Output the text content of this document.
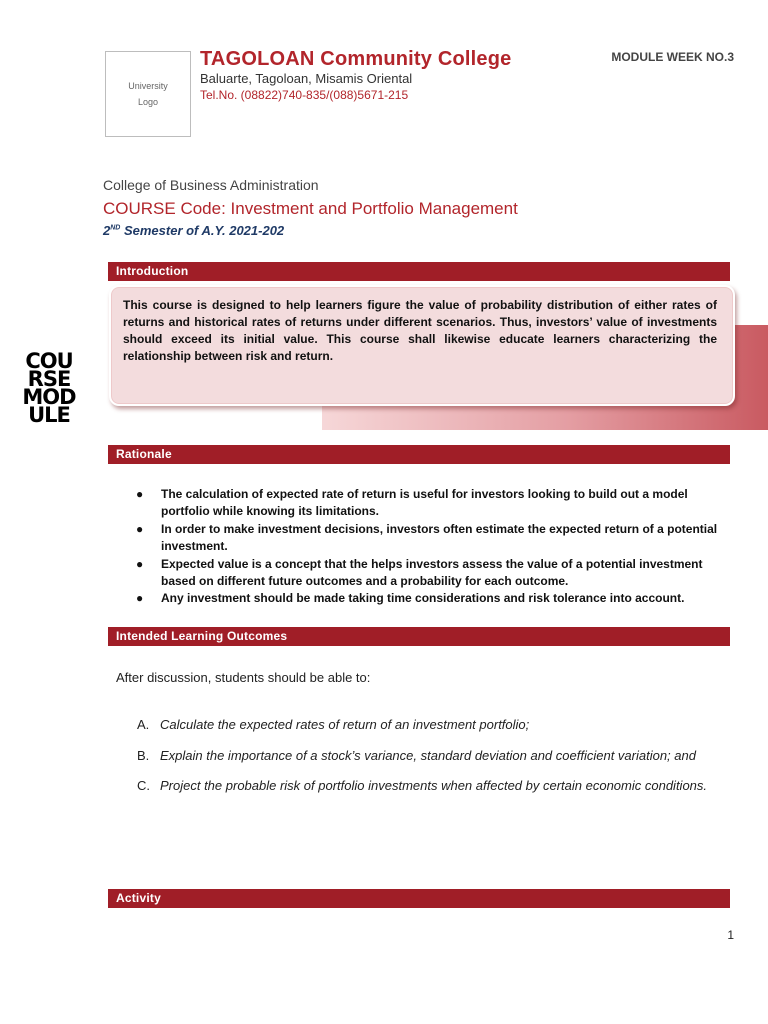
University
Logo
TAGOLOAN Community College
Baluarte, Tagoloan, Misamis Oriental
Tel.No. (08822)740-835/(088)5671-215
MODULE WEEK NO.3
College of Business Administration
COURSE Code: Investment and Portfolio Management
2ND Semester of A.Y. 2021-202
Introduction
This course is designed to help learners figure the value of probability distribution of either rates of returns and historical rates of returns under different scenarios. Thus, investors’ value of investments should exceed its initial value. This course shall likewise educate learners characterizing the relationship between risk and return.
COU
RSE
MOD
ULE
Rationale
● The calculation of expected rate of return is useful for investors looking to build out a model portfolio while knowing its limitations.
● In order to make investment decisions, investors often estimate the expected return of a potential investment.
● Expected value is a concept that the helps investors assess the value of a potential investment based on different future outcomes and a probability for each outcome.
● Any investment should be made taking time considerations and risk tolerance into account.
Intended Learning Outcomes
After discussion, students should be able to:
A. Calculate the expected rates of return of an investment portfolio;
B. Explain the importance of a stock’s variance, standard deviation and coefficient variation; and
C. Project the probable risk of portfolio investments when affected by certain economic conditions.
Activity
1
